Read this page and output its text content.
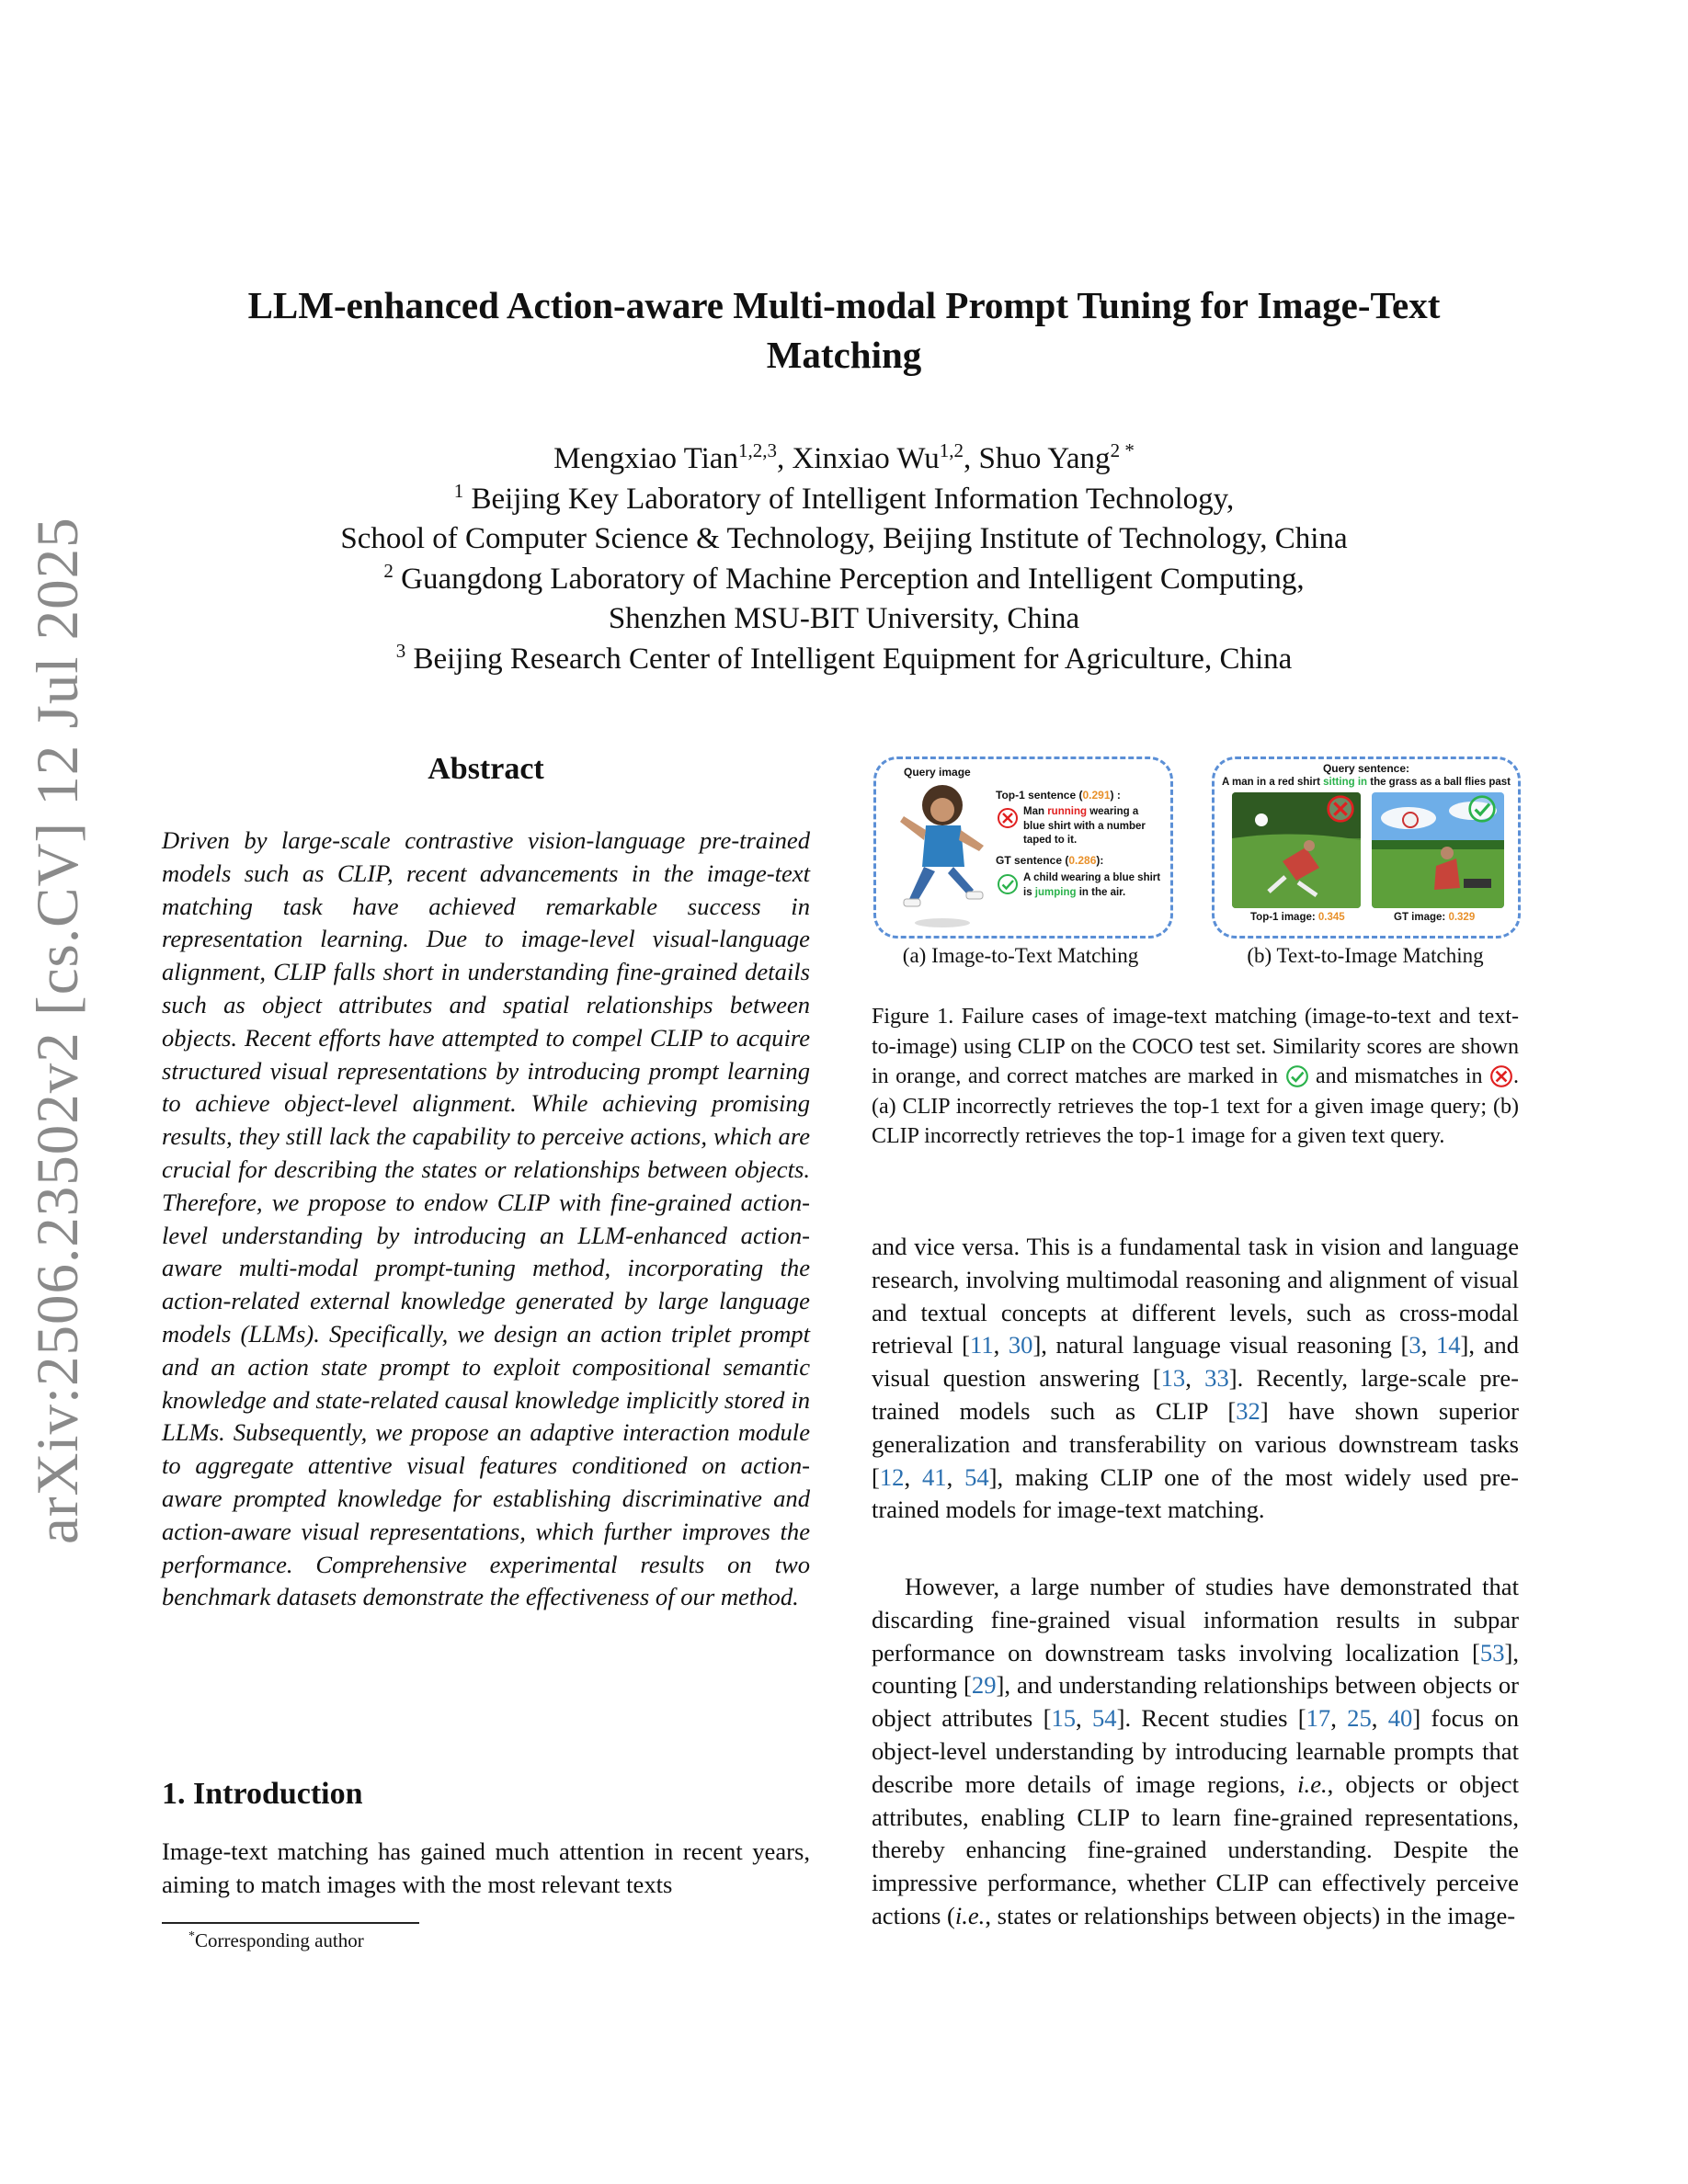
arXiv:2506.23502v2 [cs.CV] 12 Jul 2025
LLM-enhanced Action-aware Multi-modal Prompt Tuning for Image-Text
Matching
Mengxiao Tian$^{1,2,3}$, Xinxiao Wu$^{1,2}$, Shuo Yang$^{2 *}$
$^1$ Beijing Key Laboratory of Intelligent Information Technology,
School of Computer Science & Technology, Beijing Institute of Technology, China
$^2$ Guangdong Laboratory of Machine Perception and Intelligent Computing,
Shenzhen MSU-BIT University, China
$^3$ Beijing Research Center of Intelligent Equipment for Agriculture, China
Abstract
Driven by large-scale contrastive vision-language pre-trained models such as CLIP, recent advancements in the image-text matching task have achieved remarkable success in representation learning. Due to image-level visual-language alignment, CLIP falls short in understanding fine-grained details such as object attributes and spatial relationships between objects. Recent efforts have attempted to compel CLIP to acquire structured visual representations by introducing prompt learning to achieve object-level alignment. While achieving promising results, they still lack the capability to perceive actions, which are crucial for describing the states or relationships between objects. Therefore, we propose to endow CLIP with fine-grained action-level understanding by introducing an LLM-enhanced action-aware multi-modal prompt-tuning method, incorporating the action-related external knowledge generated by large language models (LLMs). Specifically, we design an action triplet prompt and an action state prompt to exploit compositional semantic knowledge and state-related causal knowledge implicitly stored in LLMs. Subsequently, we propose an adaptive interaction module to aggregate attentive visual features conditioned on action-aware prompted knowledge for establishing discriminative and action-aware visual representations, which further improves the performance. Comprehensive experimental results on two benchmark datasets demonstrate the effectiveness of our method.
1. Introduction
Image-text matching has gained much attention in recent years, aiming to match images with the most relevant texts
*Corresponding author
Query image
Top-1 sentence (0.291) :
Man running wearing a blue shirt with a number taped to it.
GT sentence (0.286):
A child wearing a blue shirt is jumping in the air.
(a) Image-to-Text Matching
Query sentence:
A man in a red shirt sitting in the grass as a ball flies past
Top-1 image: 0.345	GT image: 0.329
(b) Text-to-Image Matching
Figure 1. Failure cases of image-text matching (image-to-text and text-to-image) using CLIP on the COCO test set. Similarity scores are shown in orange, and correct matches are marked in and mismatches in . (a) CLIP incorrectly retrieves the top-1 text for a given image query; (b) CLIP incorrectly retrieves the top-1 image for a given text query.
and vice versa. This is a fundamental task in vision and language research, involving multimodal reasoning and alignment of visual and textual concepts at different levels, such as cross-modal retrieval [11, 30], natural language visual reasoning [3, 14], and visual question answering [13, 33]. Recently, large-scale pre-trained models such as CLIP [32] have shown superior generalization and transferability on various downstream tasks [12, 41, 54], making CLIP one of the most widely used pre-trained models for image-text matching.
However, a large number of studies have demonstrated that discarding fine-grained visual information results in subpar performance on downstream tasks involving localization [53], counting [29], and understanding relationships between objects or object attributes [15, 54]. Recent studies [17, 25, 40] focus on object-level understanding by introducing learnable prompts that describe more details of image regions, i.e., objects or object attributes, enabling CLIP to learn fine-grained representations, thereby enhancing fine-grained understanding. Despite the impressive performance, whether CLIP can effectively perceive actions (i.e., states or relationships between objects) in the image-
